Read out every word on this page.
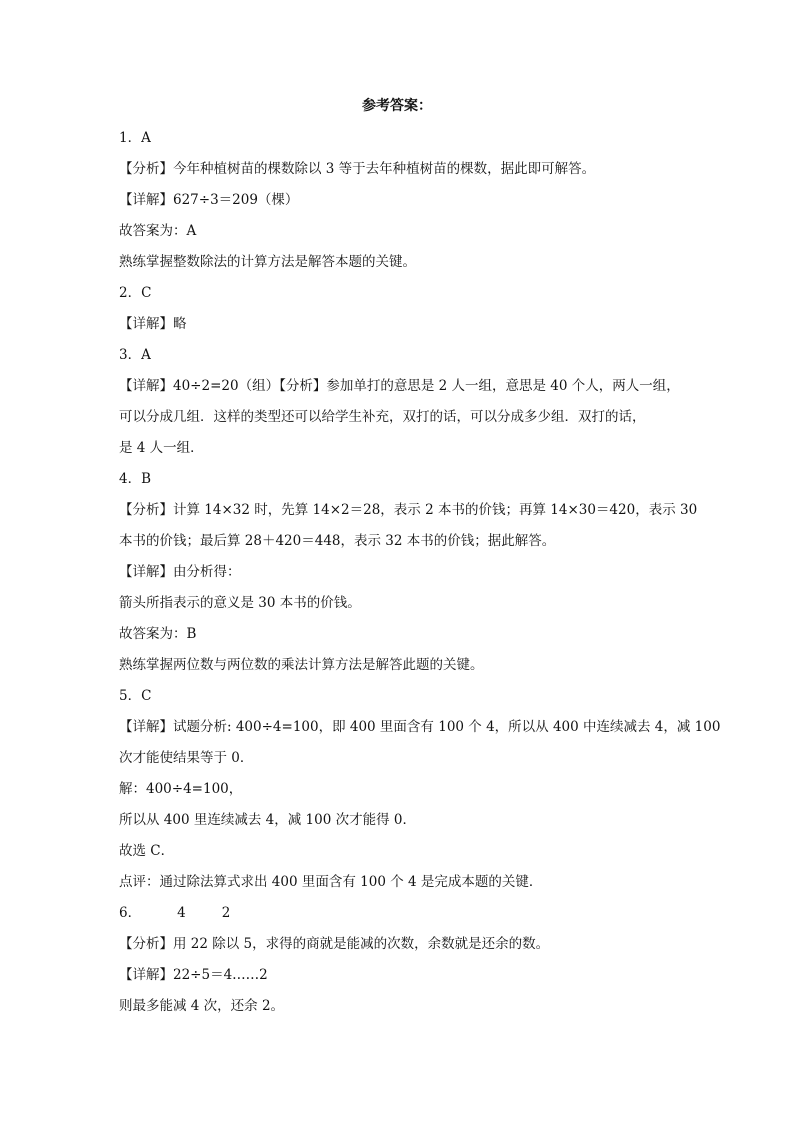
参考答案：

1．A

【分析】今年种植树苗的棵数除以 3 等于去年种植树苗的棵数，据此即可解答。

【详解】627÷3＝209（棵）

故答案为：A

熟练掌握整数除法的计算方法是解答本题的关键。

2．C

【详解】略

3．A

【详解】40÷2=20（组）【分析】参加单打的意思是 2 人一组，意思是 40 个人，两人一组，

可以分成几组．这样的类型还可以给学生补充，双打的话，可以分成多少组．双打的话，

是 4 人一组．

4．B

【分析】计算 14×32 时，先算 14×2＝28，表示 2 本书的价钱；再算 14×30＝420，表示 30

本书的价钱；最后算 28＋420＝448，表示 32 本书的价钱；据此解答。

【详解】由分析得：

箭头所指表示的意义是 30 本书的价钱。

故答案为：B

熟练掌握两位数与两位数的乘法计算方法是解答此题的关键。

5．C

【详解】试题分析: 400÷4=100，即 400 里面含有 100 个 4，所以从 400 中连续减去 4，减 100

次才能使结果等于 0．

解：400÷4=100，

所以从 400 里连续减去 4，减 100 次才能得 0．

故选 C．

点评：通过除法算式求出 400 里面含有 100 个 4 是完成本题的关键．

6．	4	2

【分析】用 22 除以 5，求得的商就是能减的次数，余数就是还余的数。

【详解】22÷5＝4……2

则最多能减 4 次，还余 2。
